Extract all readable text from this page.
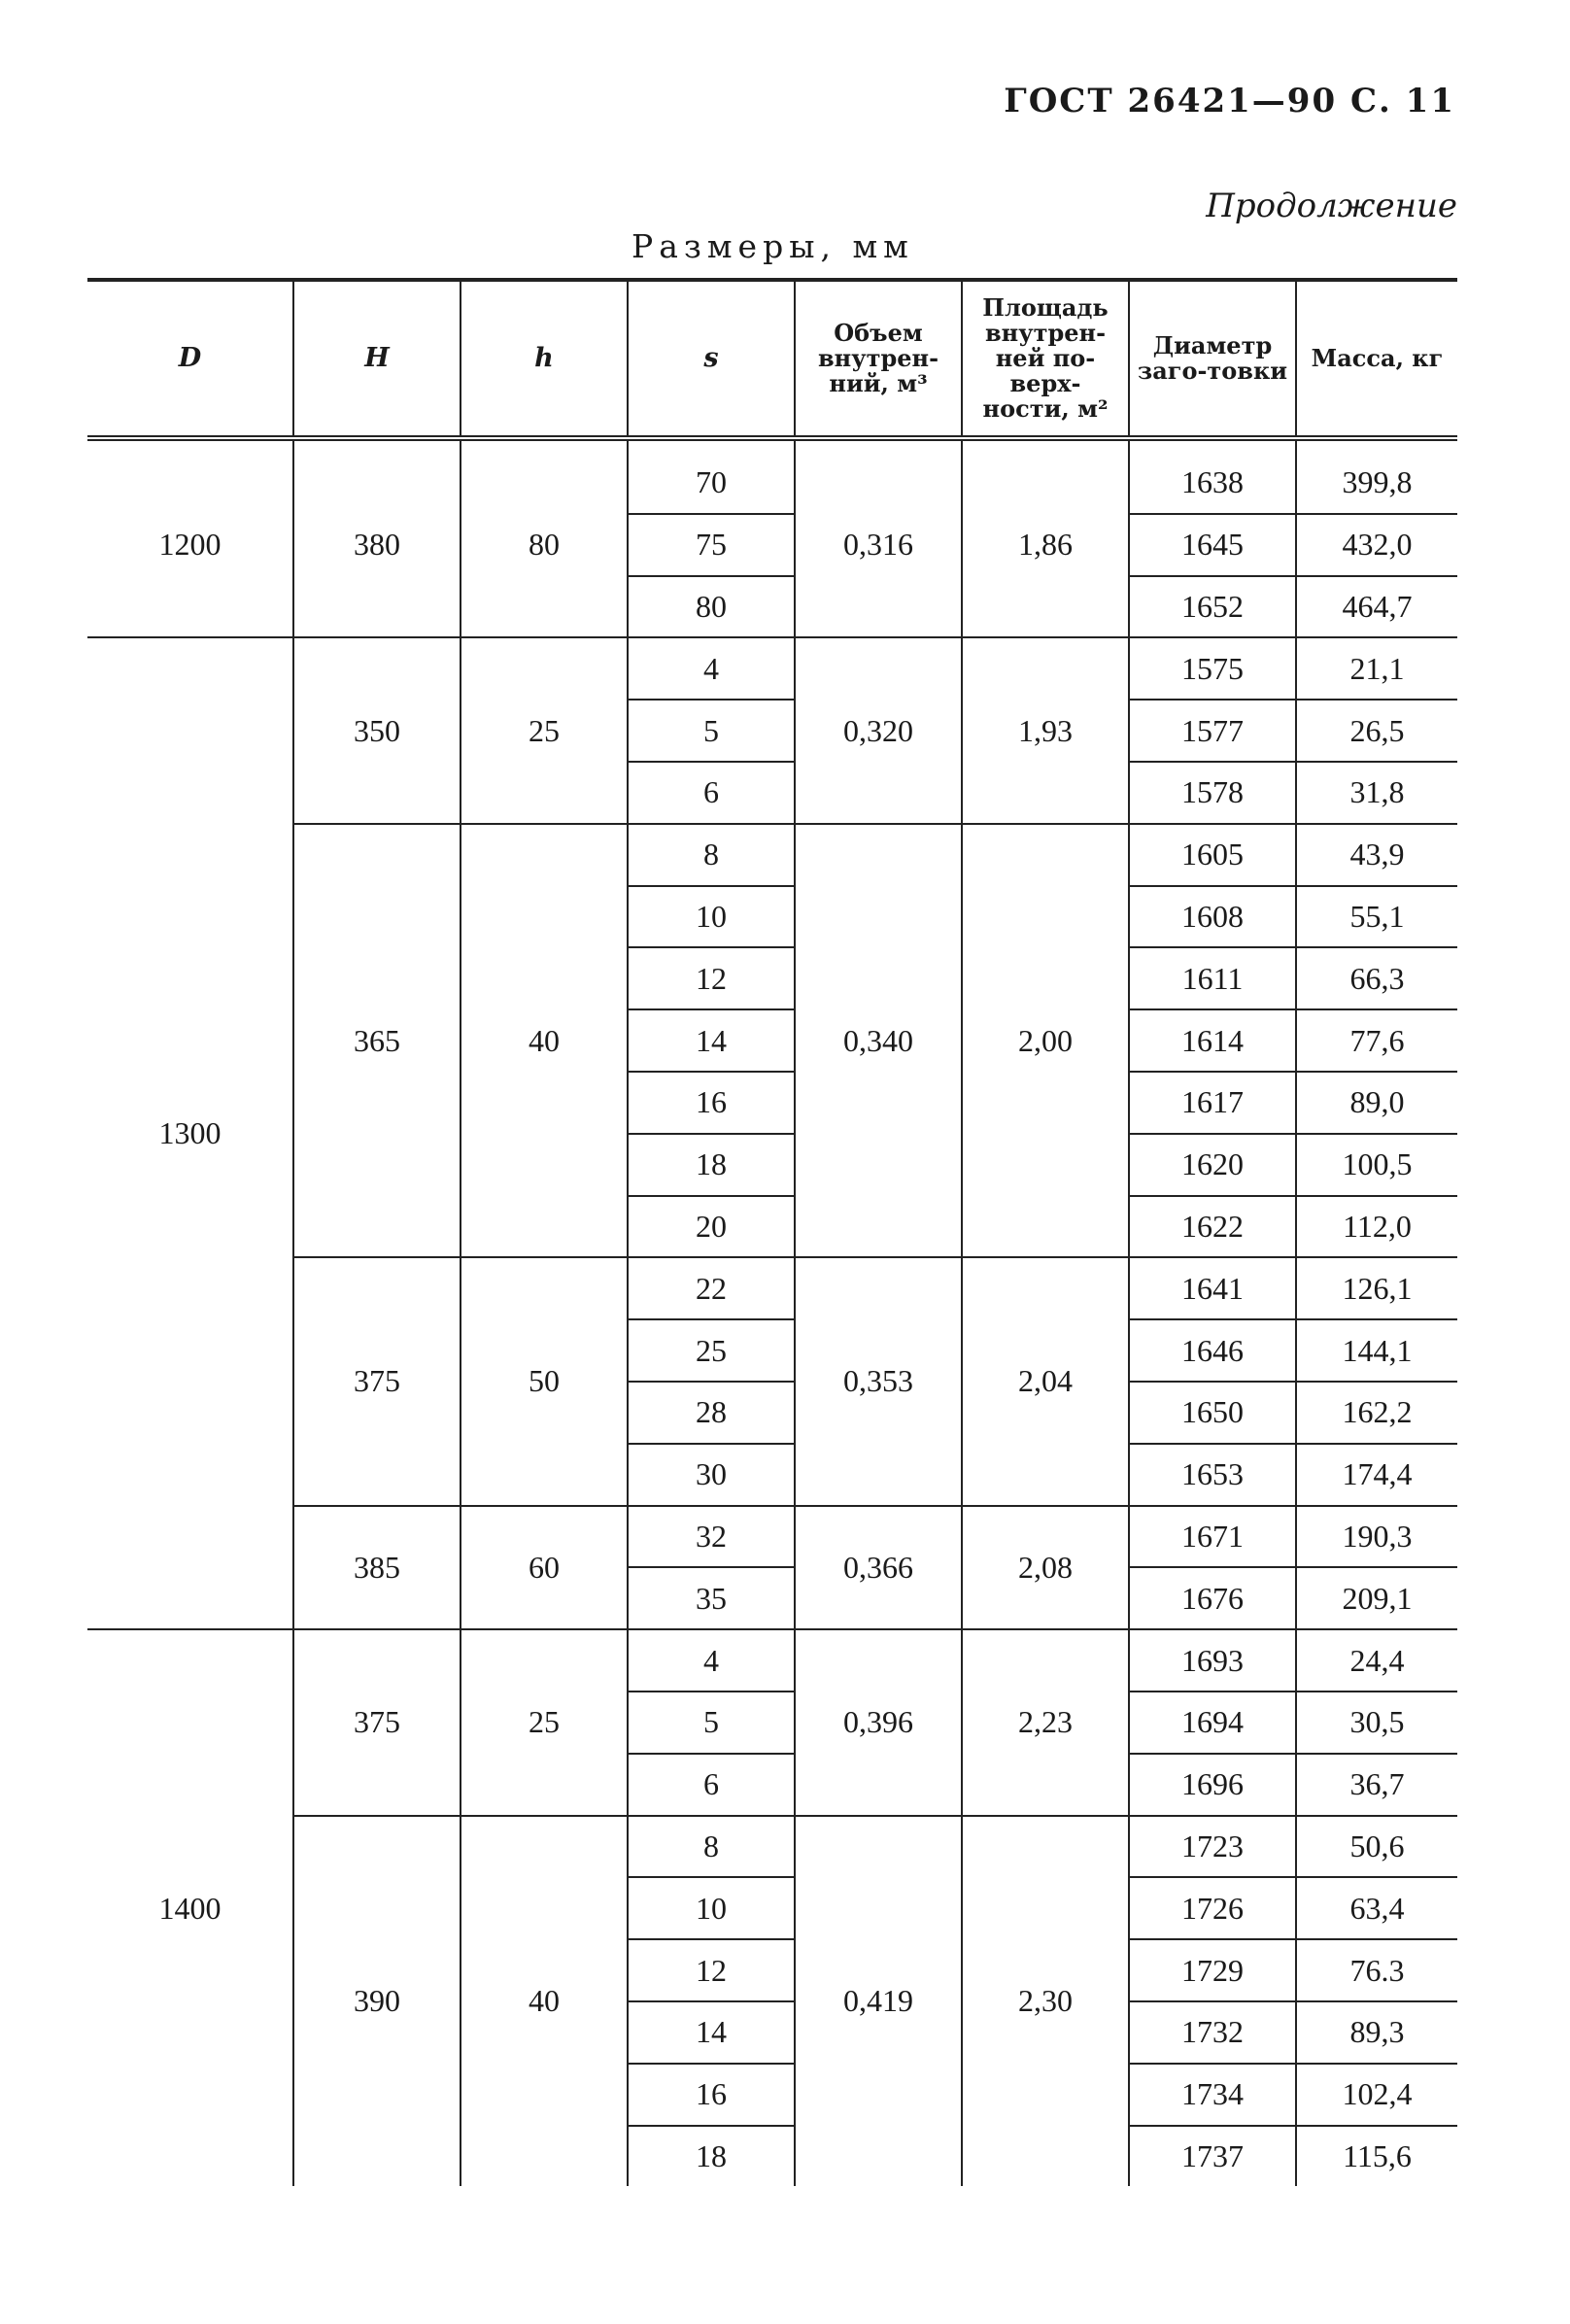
ГОСТ 26421—90 С. 11
Продолжение
Размеры, мм
D	H	h	s	Объем внутрен-ний, м³	Площадь внутрен-ней по-верх-ности, м²	Диаметр заго-товки	Масса, кг

1200	380	80	70	0,316	1,86	1638	399,8
			75			1645	432,0
			80			1652	464,7
1300	350	25	4	0,320	1,93	1575	21,1
			5			1577	26,5
			6			1578	31,8
	365	40	8	0,340	2,00	1605	43,9
			10			1608	55,1
			12			1611	66,3
			14			1614	77,6
			16			1617	89,0
			18			1620	100,5
			20			1622	112,0
	375	50	22	0,353	2,04	1641	126,1
			25			1646	144,1
			28			1650	162,2
			30			1653	174,4
	385	60	32	0,366	2,08	1671	190,3
			35			1676	209,1
1400	375	25	4	0,396	2,23	1693	24,4
			5			1694	30,5
			6			1696	36,7
	390	40	8	0,419	2,30	1723	50,6
			10			1726	63,4
			12			1729	76.3
			14			1732	89,3
			16			1734	102,4
			18			1737	115,6
